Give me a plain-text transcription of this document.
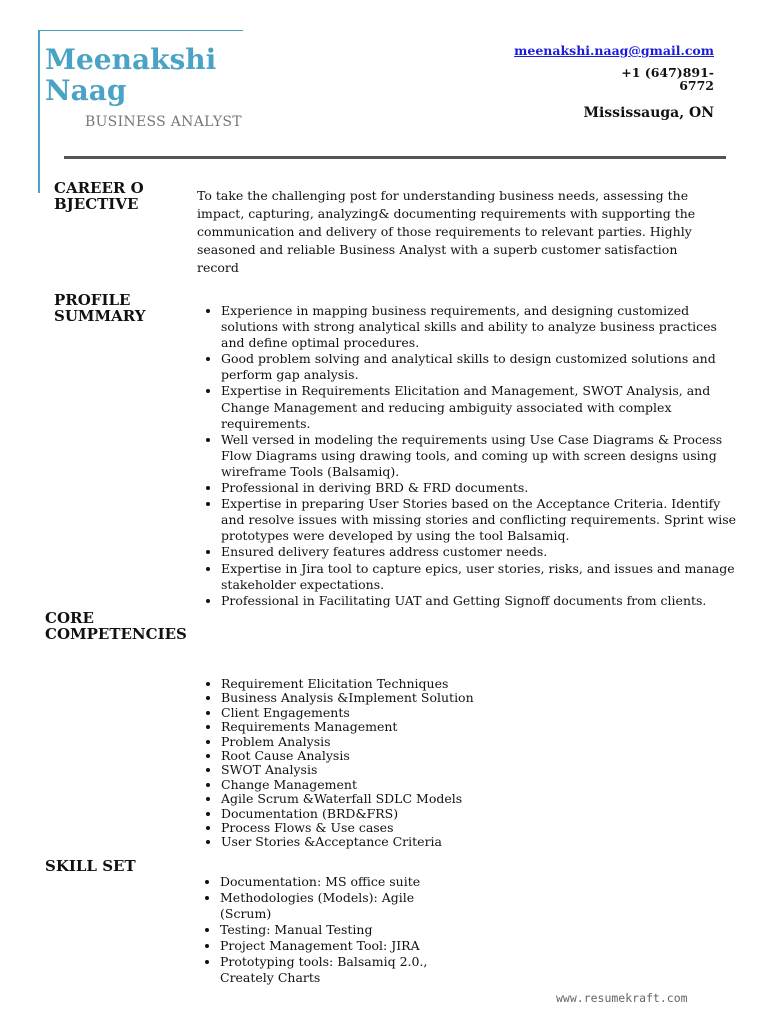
Meenakshi Naag
BUSINESS ANALYST
meenakshi.naag@gmail.com
+1 (647)891-6772
Mississauga, ON
CAREER OBJECTIVE	To take the challenging post for understanding business needs, assessing the impact, capturing, analyzing& documenting requirements with supporting the communication and delivery of those requirements to relevant parties. Highly seasoned and reliable Business Analyst with a superb customer satisfaction record
PROFILE SUMMARY
•	Experience in mapping business requirements, and designing customized solutions with strong analytical skills and ability to analyze business practices and define optimal procedures.
• Good problem solving and analytical skills to design customized solutions and perform gap analysis.
• Expertise in Requirements Elicitation and Management, SWOT Analysis, and Change Management and reducing ambiguity associated with complex requirements.
• Well versed in modeling the requirements using Use Case Diagrams & Process Flow Diagrams using drawing tools, and coming up with screen designs using wireframe Tools (Balsamiq).
• Professional in deriving BRD & FRD documents.
• Expertise in preparing User Stories based on the Acceptance Criteria. Identify and resolve issues with missing stories and conflicting requirements. Sprint wise prototypes were developed by using the tool Balsamiq.
• Ensured delivery features address customer needs.
• Expertise in Jira tool to capture epics, user stories, risks, and issues and manage stakeholder expectations.
• Professional in Facilitating UAT and Getting Signoff documents from clients.
CORE COMPETENCIES
• Requirement Elicitation Techniques
• Business Analysis &Implement Solution
• Client Engagements
• Requirements Management
• Problem Analysis
• Root Cause Analysis
• SWOT Analysis
• Change Management
• Agile Scrum &Waterfall SDLC Models
• Documentation (BRD&FRS)
• Process Flows & Use cases
• User Stories &Acceptance Criteria
SKILL SET
• Documentation: MS office suite
• Methodologies (Models): Agile (Scrum)
• Testing: Manual Testing
• Project Management Tool: JIRA
• Prototyping tools: Balsamiq 2.0., Creately Charts
www.resumekraft.com
